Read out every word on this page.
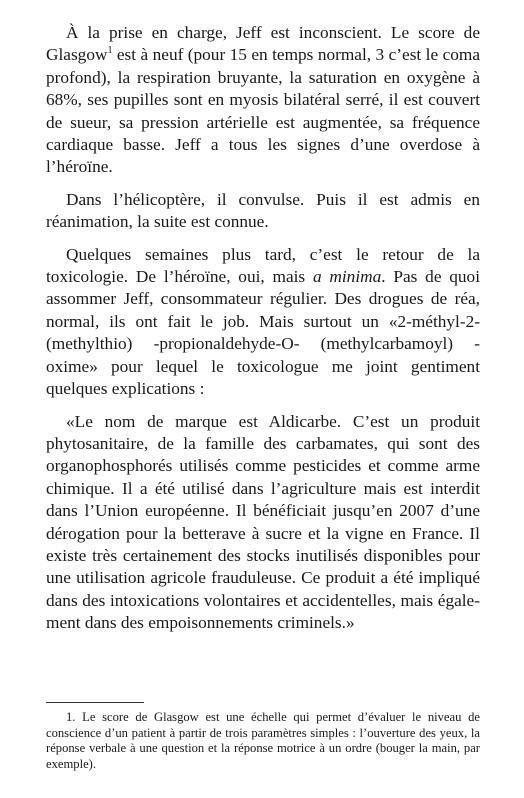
À la prise en charge, Jeff est inconscient. Le score de Glasgow$^1$ est à neuf (pour 15 en temps normal, 3 c’est le coma profond), la respiration bruyante, la saturation en oxygène à 68%, ses pupilles sont en myosis bilatéral serré, il est couvert de sueur, sa pression artérielle est augmentée, sa fréquence cardiaque basse. Jeff a tous les signes d’une overdose à l’héroïne.

Dans l’hélicoptère, il convulse. Puis il est admis en réanimation, la suite est connue.

Quelques semaines plus tard, c’est le retour de la toxicologie. De l’héroïne, oui, mais a minima. Pas de quoi assommer Jeff, consommateur régulier. Des drogues de réa, normal, ils ont fait le job. Mais surtout un «2-méthyl-2- (methylthio) -propionaldehyde-O- (methylcarbamoyl) -oxime» pour lequel le toxicologue me joint gentiment quelques explications :

«Le nom de marque est Aldicarbe. C’est un produit phytosanitaire, de la famille des carbamates, qui sont des organophosphorés utilisés comme pesticides et comme arme chimique. Il a été utilisé dans l’agriculture mais est interdit dans l’Union européenne. Il bénéficiait jusqu’en 2007 d’une dérogation pour la betterave à sucre et la vigne en France. Il existe très certainement des stocks inutilisés disponibles pour une utilisation agricole frauduleuse. Ce produit a été impliqué dans des intoxications volontaires et accidentelles, mais également dans des empoisonnements criminels.»

1. Le score de Glasgow est une échelle qui permet d’évaluer le niveau de conscience d’un patient à partir de trois paramètres simples : l’ouverture des yeux, la réponse verbale à une question et la réponse motrice à un ordre (bouger la main, par exemple).
